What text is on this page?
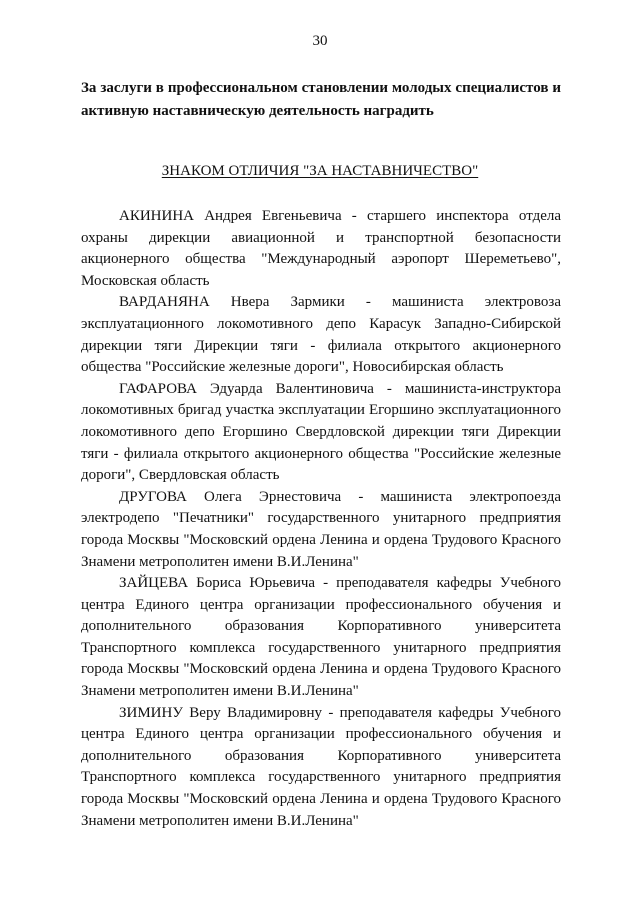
30

За заслуги в профессиональном становлении молодых специалистов и активную наставническую деятельность наградить

ЗНАКОМ ОТЛИЧИЯ "ЗА НАСТАВНИЧЕСТВО"

АКИНИНА Андрея Евгеньевича - старшего инспектора отдела охраны дирекции авиационной и транспортной безопасности акционерного общества "Международный аэропорт Шереметьево", Московская область

ВАРДАНЯНА Нвера Зармики - машиниста электровоза эксплуатационного локомотивного депо Карасук Западно-Сибирской дирекции тяги Дирекции тяги - филиала открытого акционерного общества "Российские железные дороги", Новосибирская область

ГАФАРОВА Эдуарда Валентиновича - машиниста-инструктора локомотивных бригад участка эксплуатации Егоршино эксплуатационного локомотивного депо Егоршино Свердловской дирекции тяги Дирекции тяги - филиала открытого акционерного общества "Российские железные дороги", Свердловская область

ДРУГОВА Олега Эрнестовича - машиниста электропоезда электродепо "Печатники" государственного унитарного предприятия города Москвы "Московский ордена Ленина и ордена Трудового Красного Знамени метрополитен имени В.И.Ленина"

ЗАЙЦЕВА Бориса Юрьевича - преподавателя кафедры Учебного центра Единого центра организации профессионального обучения и дополнительного образования Корпоративного университета Транспортного комплекса государственного унитарного предприятия города Москвы "Московский ордена Ленина и ордена Трудового Красного Знамени метрополитен имени В.И.Ленина"

ЗИМИНУ Веру Владимировну - преподавателя кафедры Учебного центра Единого центра организации профессионального обучения и дополнительного образования Корпоративного университета Транспортного комплекса государственного унитарного предприятия города Москвы "Московский ордена Ленина и ордена Трудового Красного Знамени метрополитен имени В.И.Ленина"
